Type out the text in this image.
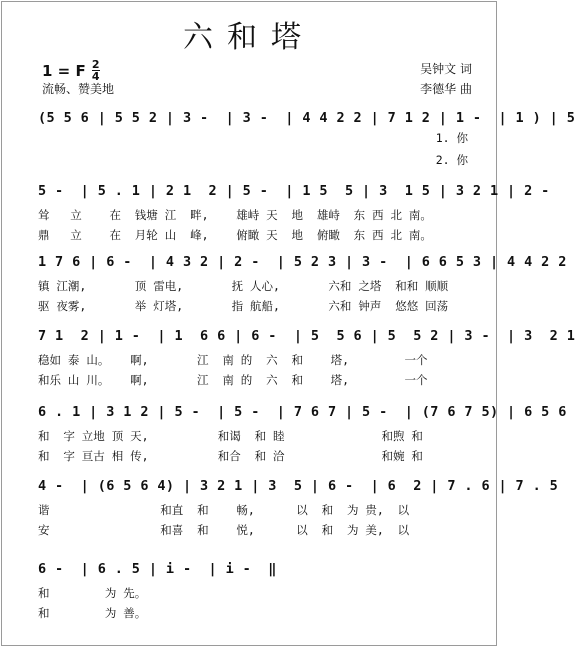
六和塔
1 = F $\frac{2}{4}$
流畅、赞美地
吴钟文 词
李德华 曲
(5 5 6 | 5 5 2 | 3 -  | 3 -  | 4 4 2 2 | 7 1 2 | 1 -  | 1 ) | 5
1. 你
2. 你
5 -  | 5 . 1 | 2 1  2 | 5 -  | 1 5  5 | 3  1 5 | 3 2 1 | 2 -
耸   立    在  钱塘 江  畔,    雄峙 天  地  雄峙  东 西 北 南。
鼎   立    在  月轮 山  峰,    俯瞰 天  地  俯瞰  东 西 北 南。
1 7 6 | 6 -  | 4 3 2 | 2 -  | 5 2 3 | 3 -  | 6 6 5 3 | 4 4 2 2
镇 江潮,       顶 雷电,       抚 人心,       六和 之塔  和和 顺顺
驱 夜雾,       举 灯塔,       指 航船,       六和 钟声  悠悠 回荡
7 1  2 | 1 -  | 1  6 6 | 6 -  | 5  5 6 | 5  5 2 | 3 -  | 3  2 1
稳如 泰 山。   啊,       江  南 的  六  和    塔,        一个
和乐 山 川。   啊,       江  南 的  六  和    塔,        一个
6 . 1 | 3 1 2 | 5 -  | 5 -  | 7 6 7 | 5 -  | (7 6 7 5) | 6 5 6
和  字 立地 顶 天,          和谒  和 睦              和煦 和
和  字 亘古 相 传,          和合  和 洽              和婉 和
4 -  | (6 5 6 4) | 3 2 1 | 3  5 | 6 -  | 6  2 | 7 . 6 | 7 . 5
谐                和直  和    畅,      以  和  为 贵,  以
安                和喜  和    悦,      以  和  为 美,  以
6 -  | 6 . 5 | i -  | i -  ‖
和        为 先。
和        为 善。
